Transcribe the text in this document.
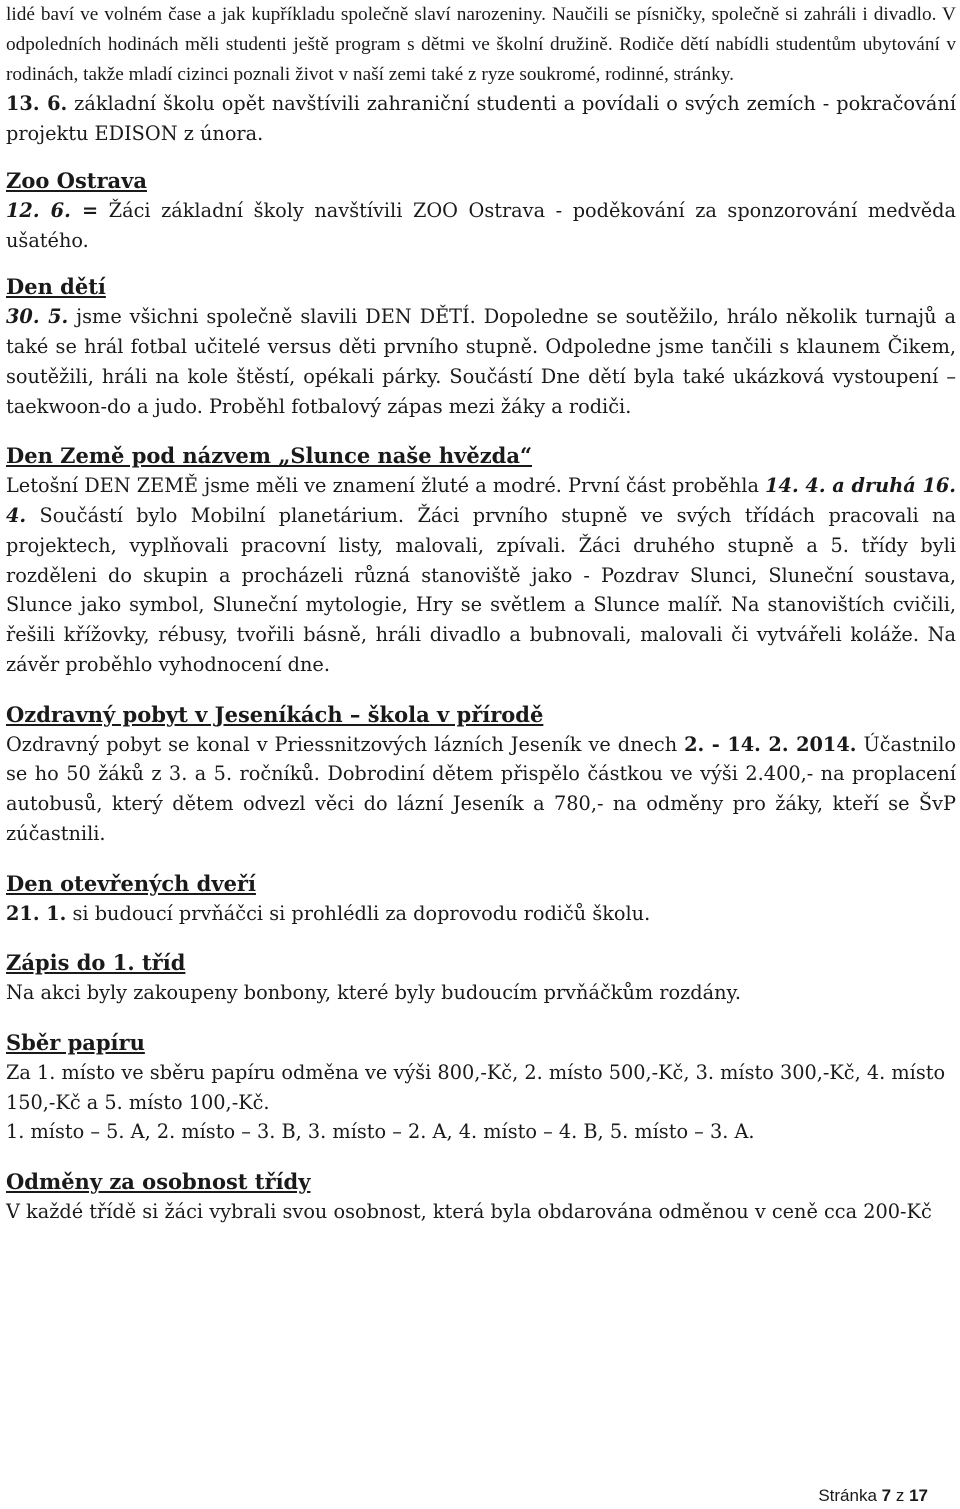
lidé baví ve volném čase a jak kupříkladu společně slaví narozeniny. Naučili se písničky, společně si zahráli i divadlo. V odpoledních hodinách měli studenti ještě program s dětmi ve školní družině. Rodiče dětí nabídli studentům ubytování v rodinách, takže mladí cizinci poznali život v naší zemi také z ryze soukromé, rodinné, stránky.

13. 6. základní školu opět navštívili zahraniční studenti a povídali o svých zemích - pokračování projektu EDISON z února.

Zoo Ostrava

12. 6. = Žáci základní školy navštívili ZOO Ostrava - poděkování za sponzorování medvěda ušatého.

Den dětí

30. 5. jsme všichni společně slavili DEN DĚTÍ. Dopoledne se soutěžilo, hrálo několik turnajů a také se hrál fotbal učitelé versus děti prvního stupně. Odpoledne jsme tančili s klaunem Čikem, soutěžili, hráli na kole štěstí, opékali párky. Součástí Dne dětí byla také ukázková vystoupení – taekwoon-do a judo. Proběhl fotbalový zápas mezi žáky a rodiči.

Den Země pod názvem „Slunce naše hvězda“

Letošní DEN ZEMĚ jsme měli ve znamení žluté a modré. První část proběhla 14. 4. a druhá 16. 4. Součástí bylo Mobilní planetárium. Žáci prvního stupně ve svých třídách pracovali na projektech, vyplňovali pracovní listy, malovali, zpívali. Žáci druhého stupně a 5. třídy byli rozděleni do skupin a procházeli různá stanoviště jako - Pozdrav Slunci, Sluneční soustava, Slunce jako symbol, Sluneční mytologie, Hry se světlem a Slunce malíř. Na stanovištích cvičili, řešili křížovky, rébusy, tvořili básně, hráli divadlo a bubnovali, malovali či vytvářeli koláže. Na závěr proběhlo vyhodnocení dne.

Ozdravný pobyt v Jeseníkách – škola v přírodě

Ozdravný pobyt se konal v Priessnitzových lázních Jeseník ve dnech 2. - 14. 2. 2014. Účastnilo se ho 50 žáků z 3. a 5. ročníků. Dobrodiní dětem přispělo částkou ve výši 2.400,- na proplacení autobusů, který dětem odvezl věci do lázní Jeseník a 780,- na odměny pro žáky, kteří se ŠvP zúčastnili.

Den otevřených dveří

21. 1. si budoucí prvňáčci si prohlédli za doprovodu rodičů školu.

Zápis do 1. tříd

Na akci byly zakoupeny bonbony, které byly budoucím prvňáčkům rozdány.

Sběr papíru

Za 1. místo ve sběru papíru odměna ve výši 800,-Kč, 2. místo 500,-Kč, 3. místo 300,-Kč, 4. místo 150,-Kč a 5. místo 100,-Kč.

1. místo – 5. A, 2. místo – 3. B, 3. místo – 2. A, 4. místo – 4. B, 5. místo – 3. A.

Odměny za osobnost třídy

V každé třídě si žáci vybrali svou osobnost, která byla obdarována odměnou v ceně cca 200-Kč

Stránka 7 z 17
